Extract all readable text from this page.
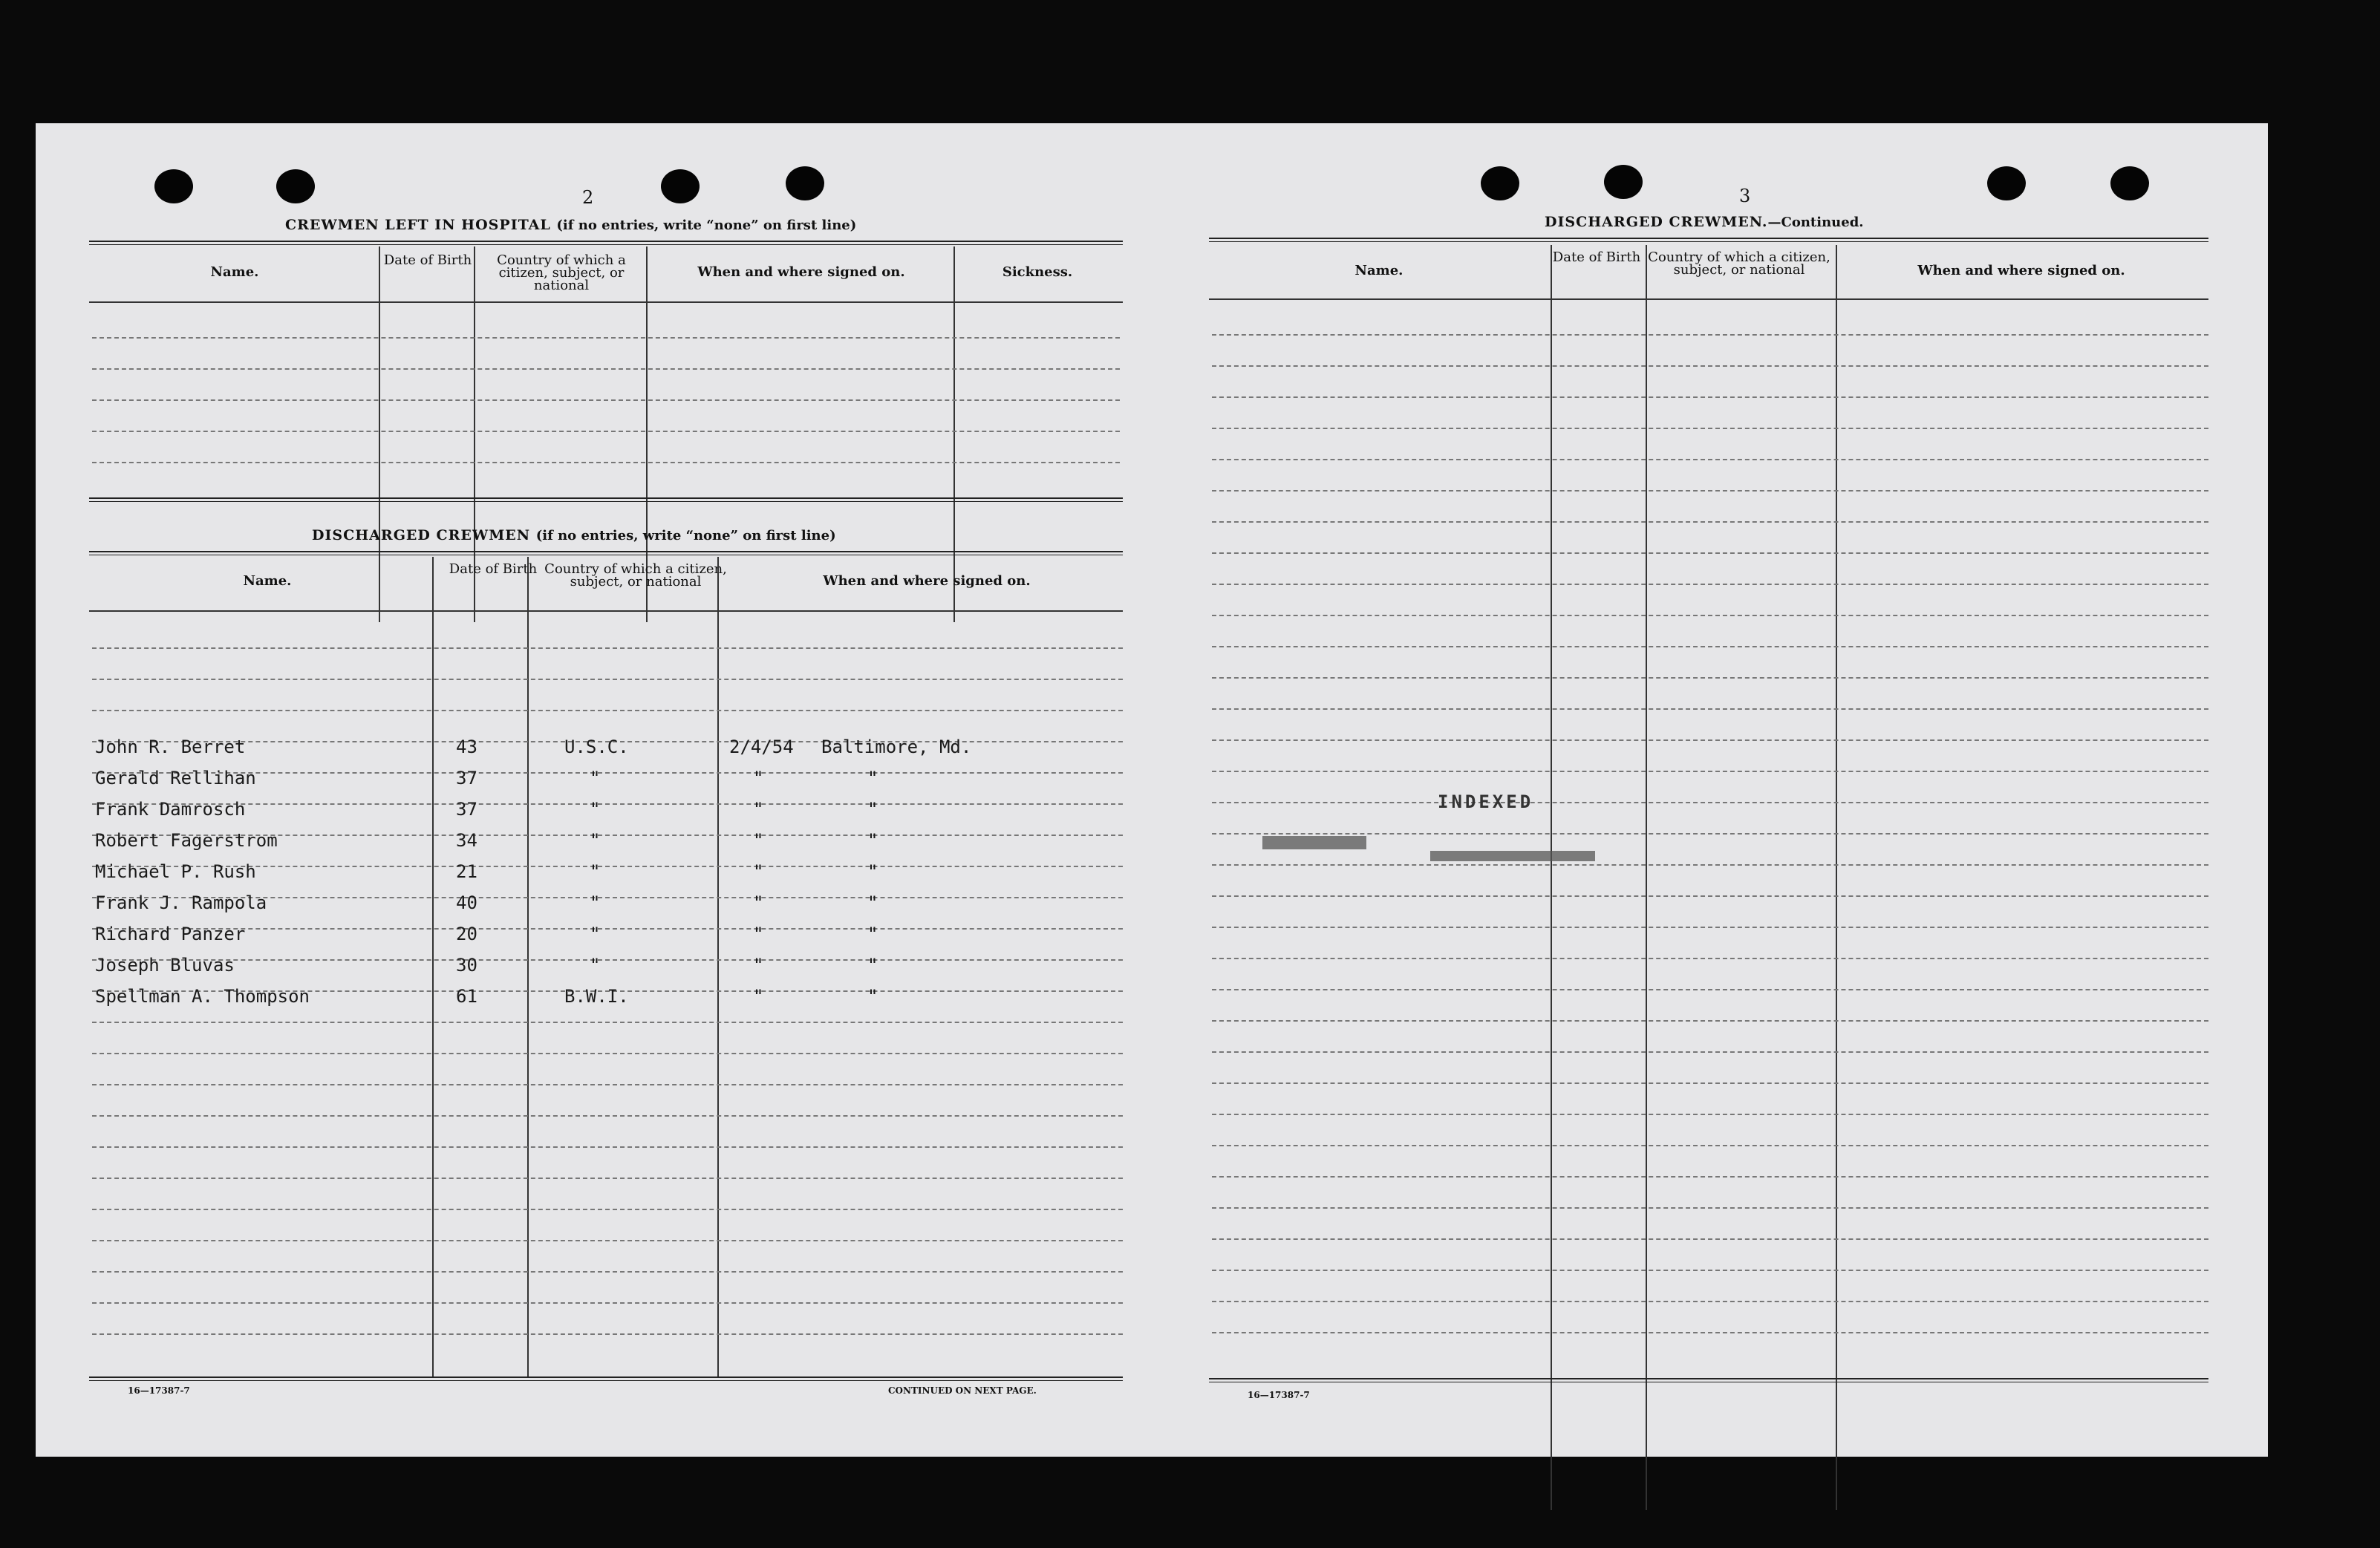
2
CREWMEN LEFT IN HOSPITAL (if no entries, write “none” on first line)
Name.
Date of Birth	Country of which a citizen, subject, or national
When and where signed on.	Sickness.
DISCHARGED CREWMEN (if no entries, write “none” on first line)
Name.
Date of Birth Country of which a citizen, subject, or national	When and where signed on.
John R. Berret	43	U.S.C.	2/4/54 Baltimore, Md.
Gerald Rellihan	37	"	"	"
Frank Damrosch	37	"	"	"
Robert Fagerstrom	34	"	"	"
Michael P. Rush	21	"	"	"
Frank J. Rampola	40	"	"	"
Richard Panzer	20	"	"	"
Joseph Bluvas	30	"	"	"
Spellman A. Thompson	61	B.W.I.	"	"
16—17387-7	CONTINUED ON NEXT PAGE.
3
DISCHARGED CREWMEN.—Continued.
Name.
Date of Birth Country of which a citizen, subject, or national	When and where signed on.
INDEXED
16—17387-7
